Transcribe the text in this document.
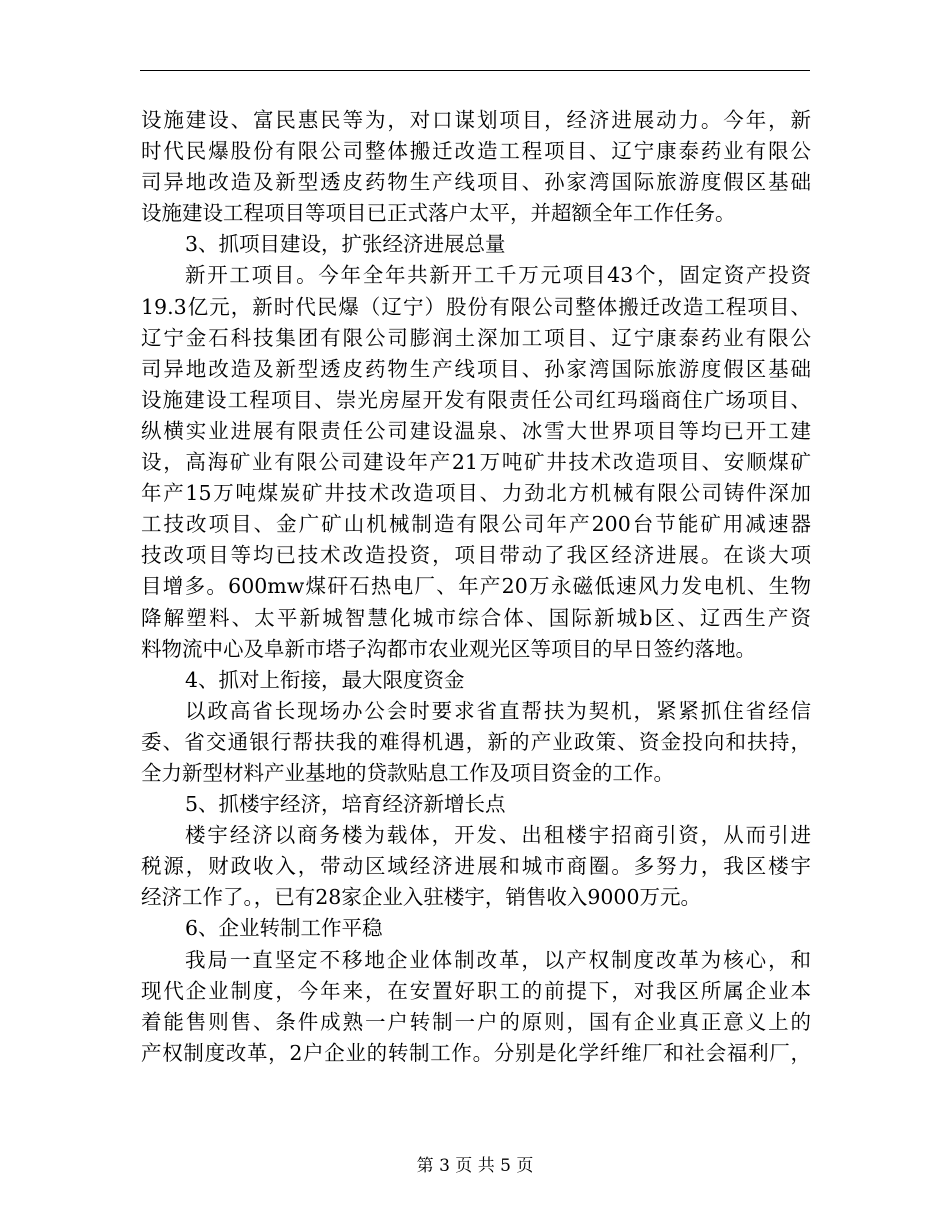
设施建设、富民惠民等为，对口谋划项目，经济进展动力。今年，新
时代民爆股份有限公司整体搬迁改造工程项目、辽宁康泰药业有限公
司异地改造及新型透皮药物生产线项目、孙家湾国际旅游度假区基础
设施建设工程项目等项目已正式落户太平，并超额全年工作任务。
3、抓项目建设，扩张经济进展总量
新开工项目。今年全年共新开工千万元项目43个，固定资产投资
19.3亿元，新时代民爆（辽宁）股份有限公司整体搬迁改造工程项目、
辽宁金石科技集团有限公司膨润土深加工项目、辽宁康泰药业有限公
司异地改造及新型透皮药物生产线项目、孙家湾国际旅游度假区基础
设施建设工程项目、崇光房屋开发有限责任公司红玛瑙商住广场项目、
纵横实业进展有限责任公司建设温泉、冰雪大世界项目等均已开工建
设，高海矿业有限公司建设年产21万吨矿井技术改造项目、安顺煤矿
年产15万吨煤炭矿井技术改造项目、力劲北方机械有限公司铸件深加
工技改项目、金广矿山机械制造有限公司年产200台节能矿用减速器
技改项目等均已技术改造投资，项目带动了我区经济进展。在谈大项
目增多。600mw煤矸石热电厂、年产20万永磁低速风力发电机、生物
降解塑料、太平新城智慧化城市综合体、国际新城b区、辽西生产资
料物流中心及阜新市塔子沟都市农业观光区等项目的早日签约落地。
4、抓对上衔接，最大限度资金
以政高省长现场办公会时要求省直帮扶为契机，紧紧抓住省经信
委、省交通银行帮扶我的难得机遇，新的产业政策、资金投向和扶持，
全力新型材料产业基地的贷款贴息工作及项目资金的工作。
5、抓楼宇经济，培育经济新增长点
楼宇经济以商务楼为载体，开发、出租楼宇招商引资，从而引进
税源，财政收入，带动区域经济进展和城市商圈。多努力，我区楼宇
经济工作了。，已有28家企业入驻楼宇，销售收入9000万元。
6、企业转制工作平稳
我局一直坚定不移地企业体制改革，以产权制度改革为核心，和
现代企业制度，今年来，在安置好职工的前提下，对我区所属企业本
着能售则售、条件成熟一户转制一户的原则，国有企业真正意义上的
产权制度改革，2户企业的转制工作。分别是化学纤维厂和社会福利厂，
第 3 页 共 5 页
